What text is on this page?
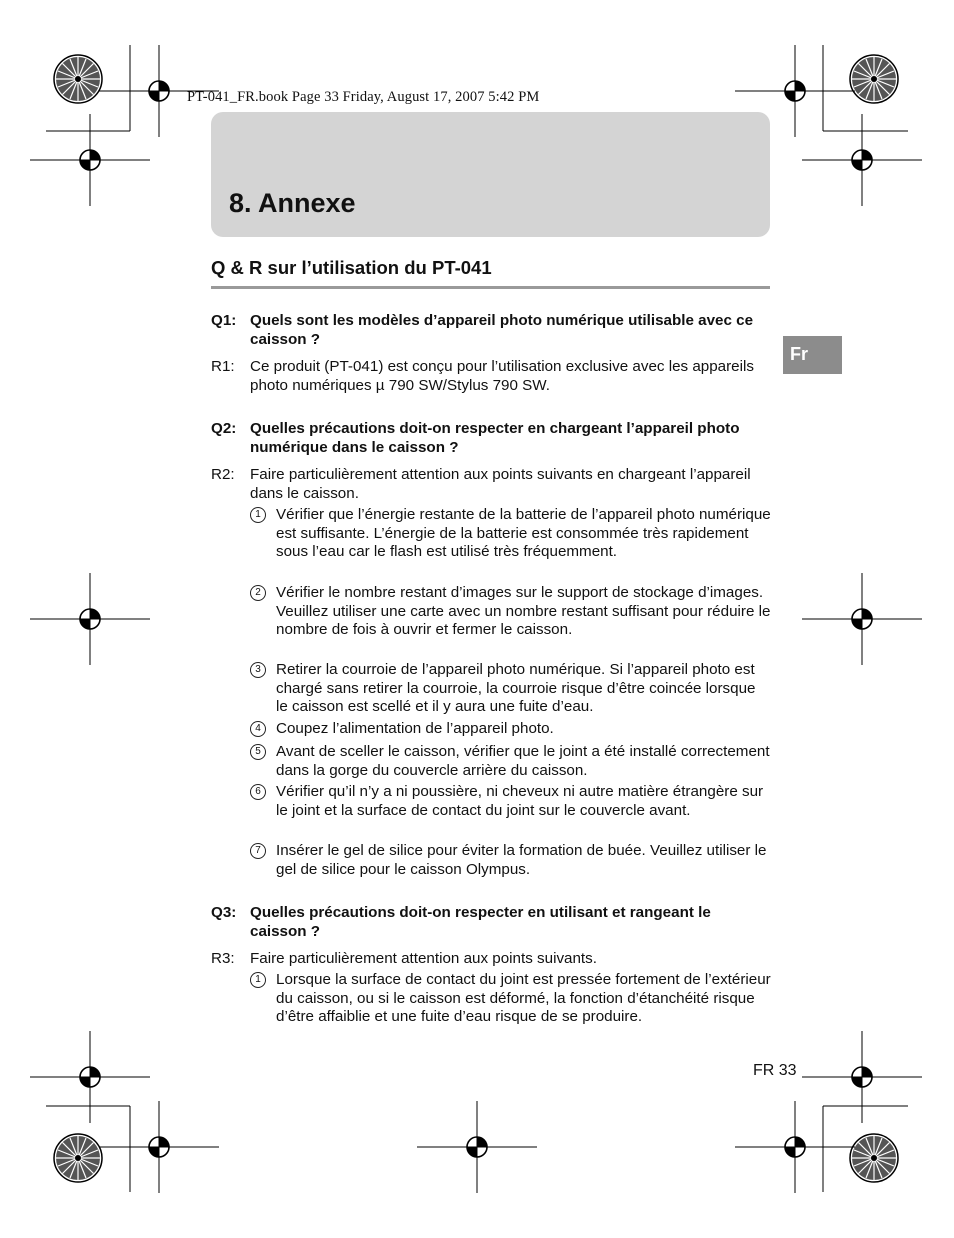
PT-041_FR.book Page 33 Friday, August 17, 2007 5:42 PM
8. Annexe
Q & R sur l’utilisation du PT-041
Fr
Q1: Quels sont les modèles d’appareil photo numérique utilisable avec ce caisson ?
R1: Ce produit (PT-041) est conçu pour l’utilisation exclusive avec les appareils photo numériques µ 790 SW/Stylus 790 SW.
Q2: Quelles précautions doit-on respecter en chargeant l’appareil photo numérique dans le caisson ?
R2: Faire particulièrement attention aux points suivants en chargeant l’appareil dans le caisson.
1	Vérifier que l’énergie restante de la batterie de l’appareil photo numérique est suffisante. L’énergie de la batterie est consommée très rapidement sous l’eau car le flash est utilisé très fréquemment.
2	Vérifier le nombre restant d’images sur le support de stockage d’images. Veuillez utiliser une carte avec un nombre restant suffisant pour réduire le nombre de fois à ouvrir et fermer le caisson.
3	Retirer la courroie de l’appareil photo numérique. Si l’appareil photo est chargé sans retirer la courroie, la courroie risque d’être coincée lorsque le caisson est scellé et il y aura une fuite d’eau.
4	Coupez l’alimentation de l’appareil photo.
5	Avant de sceller le caisson, vérifier que le joint a été installé correctement dans la gorge du couvercle arrière du caisson.
6	Vérifier qu’il n’y a ni poussière, ni cheveux ni autre matière étrangère sur le joint et la surface de contact du joint sur le couvercle avant.
7	Insérer le gel de silice pour éviter la formation de buée. Veuillez utiliser le gel de silice pour le caisson Olympus.
Q3: Quelles précautions doit-on respecter en utilisant et rangeant le caisson ?
R3: Faire particulièrement attention aux points suivants.
1	Lorsque la surface de contact du joint est pressée fortement de l’extérieur du caisson, ou si le caisson est déformé, la fonction d’étanchéité risque d’être affaiblie et une fuite d’eau risque de se produire.
FR 33
